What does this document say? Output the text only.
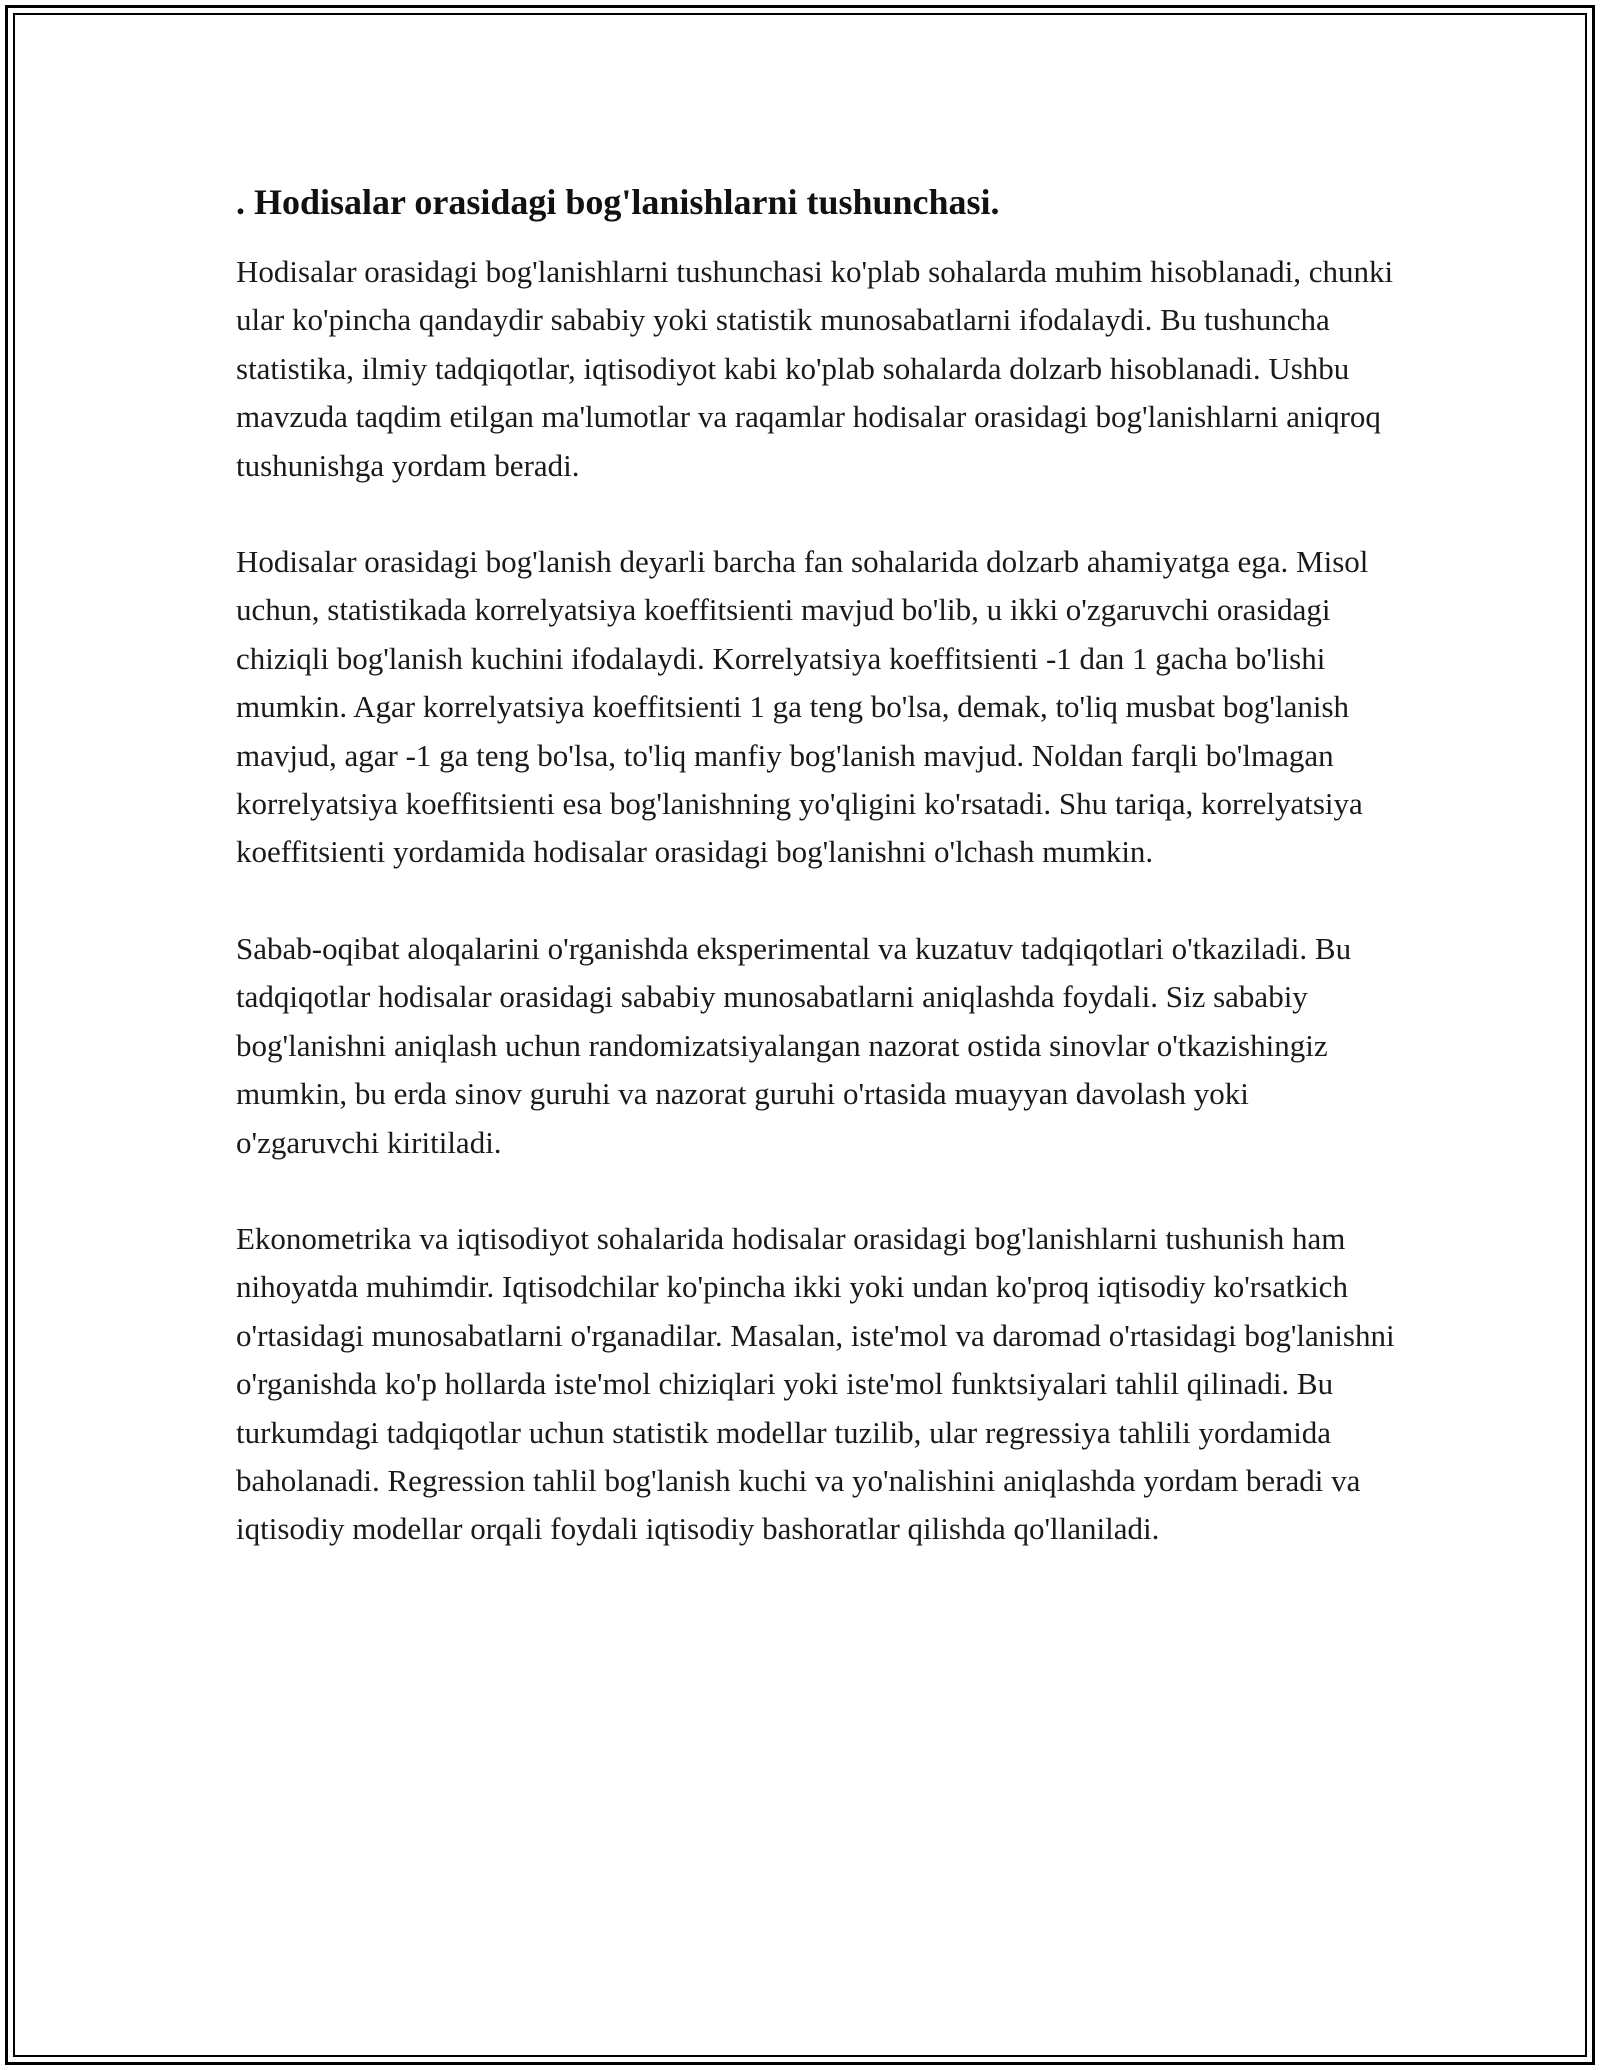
. Hodisalar orasidagi bog'lanishlarni tushunchasi.

Hodisalar orasidagi bog'lanishlarni tushunchasi ko'plab sohalarda muhim hisoblanadi, chunki ular ko'pincha qandaydir sababiy yoki statistik munosabatlarni ifodalaydi. Bu tushuncha statistika, ilmiy tadqiqotlar, iqtisodiyot kabi ko'plab sohalarda dolzarb hisoblanadi. Ushbu mavzuda taqdim etilgan ma'lumotlar va raqamlar hodisalar orasidagi bog'lanishlarni aniqroq tushunishga yordam beradi.

Hodisalar orasidagi bog'lanish deyarli barcha fan sohalarida dolzarb ahamiyatga ega. Misol uchun, statistikada korrelyatsiya koeffitsienti mavjud bo'lib, u ikki o'zgaruvchi orasidagi chiziqli bog'lanish kuchini ifodalaydi. Korrelyatsiya koeffitsienti -1 dan 1 gacha bo'lishi mumkin. Agar korrelyatsiya koeffitsienti 1 ga teng bo'lsa, demak, to'liq musbat bog'lanish mavjud, agar -1 ga teng bo'lsa, to'liq manfiy bog'lanish mavjud. Noldan farqli bo'lmagan korrelyatsiya koeffitsienti esa bog'lanishning yo'qligini ko'rsatadi. Shu tariqa, korrelyatsiya koeffitsienti yordamida hodisalar orasidagi bog'lanishni o'lchash mumkin.

Sabab-oqibat aloqalarini o'rganishda eksperimental va kuzatuv tadqiqotlari o'tkaziladi. Bu tadqiqotlar hodisalar orasidagi sababiy munosabatlarni aniqlashda foydali. Siz sababiy bog'lanishni aniqlash uchun randomizatsiyalangan nazorat ostida sinovlar o'tkazishingiz mumkin, bu erda sinov guruhi va nazorat guruhi o'rtasida muayyan davolash yoki o'zgaruvchi kiritiladi.

Ekonometrika va iqtisodiyot sohalarida hodisalar orasidagi bog'lanishlarni tushunish ham nihoyatda muhimdir. Iqtisodchilar ko'pincha ikki yoki undan ko'proq iqtisodiy ko'rsatkich o'rtasidagi munosabatlarni o'rganadilar. Masalan, iste'mol va daromad o'rtasidagi bog'lanishni o'rganishda ko'p hollarda iste'mol chiziqlari yoki iste'mol funktsiyalari tahlil qilinadi. Bu turkumdagi tadqiqotlar uchun statistik modellar tuzilib, ular regressiya tahlili yordamida baholanadi. Regression tahlil bog'lanish kuchi va yo'nalishini aniqlashda yordam beradi va iqtisodiy modellar orqali foydali iqtisodiy bashoratlar qilishda qo'llaniladi.
